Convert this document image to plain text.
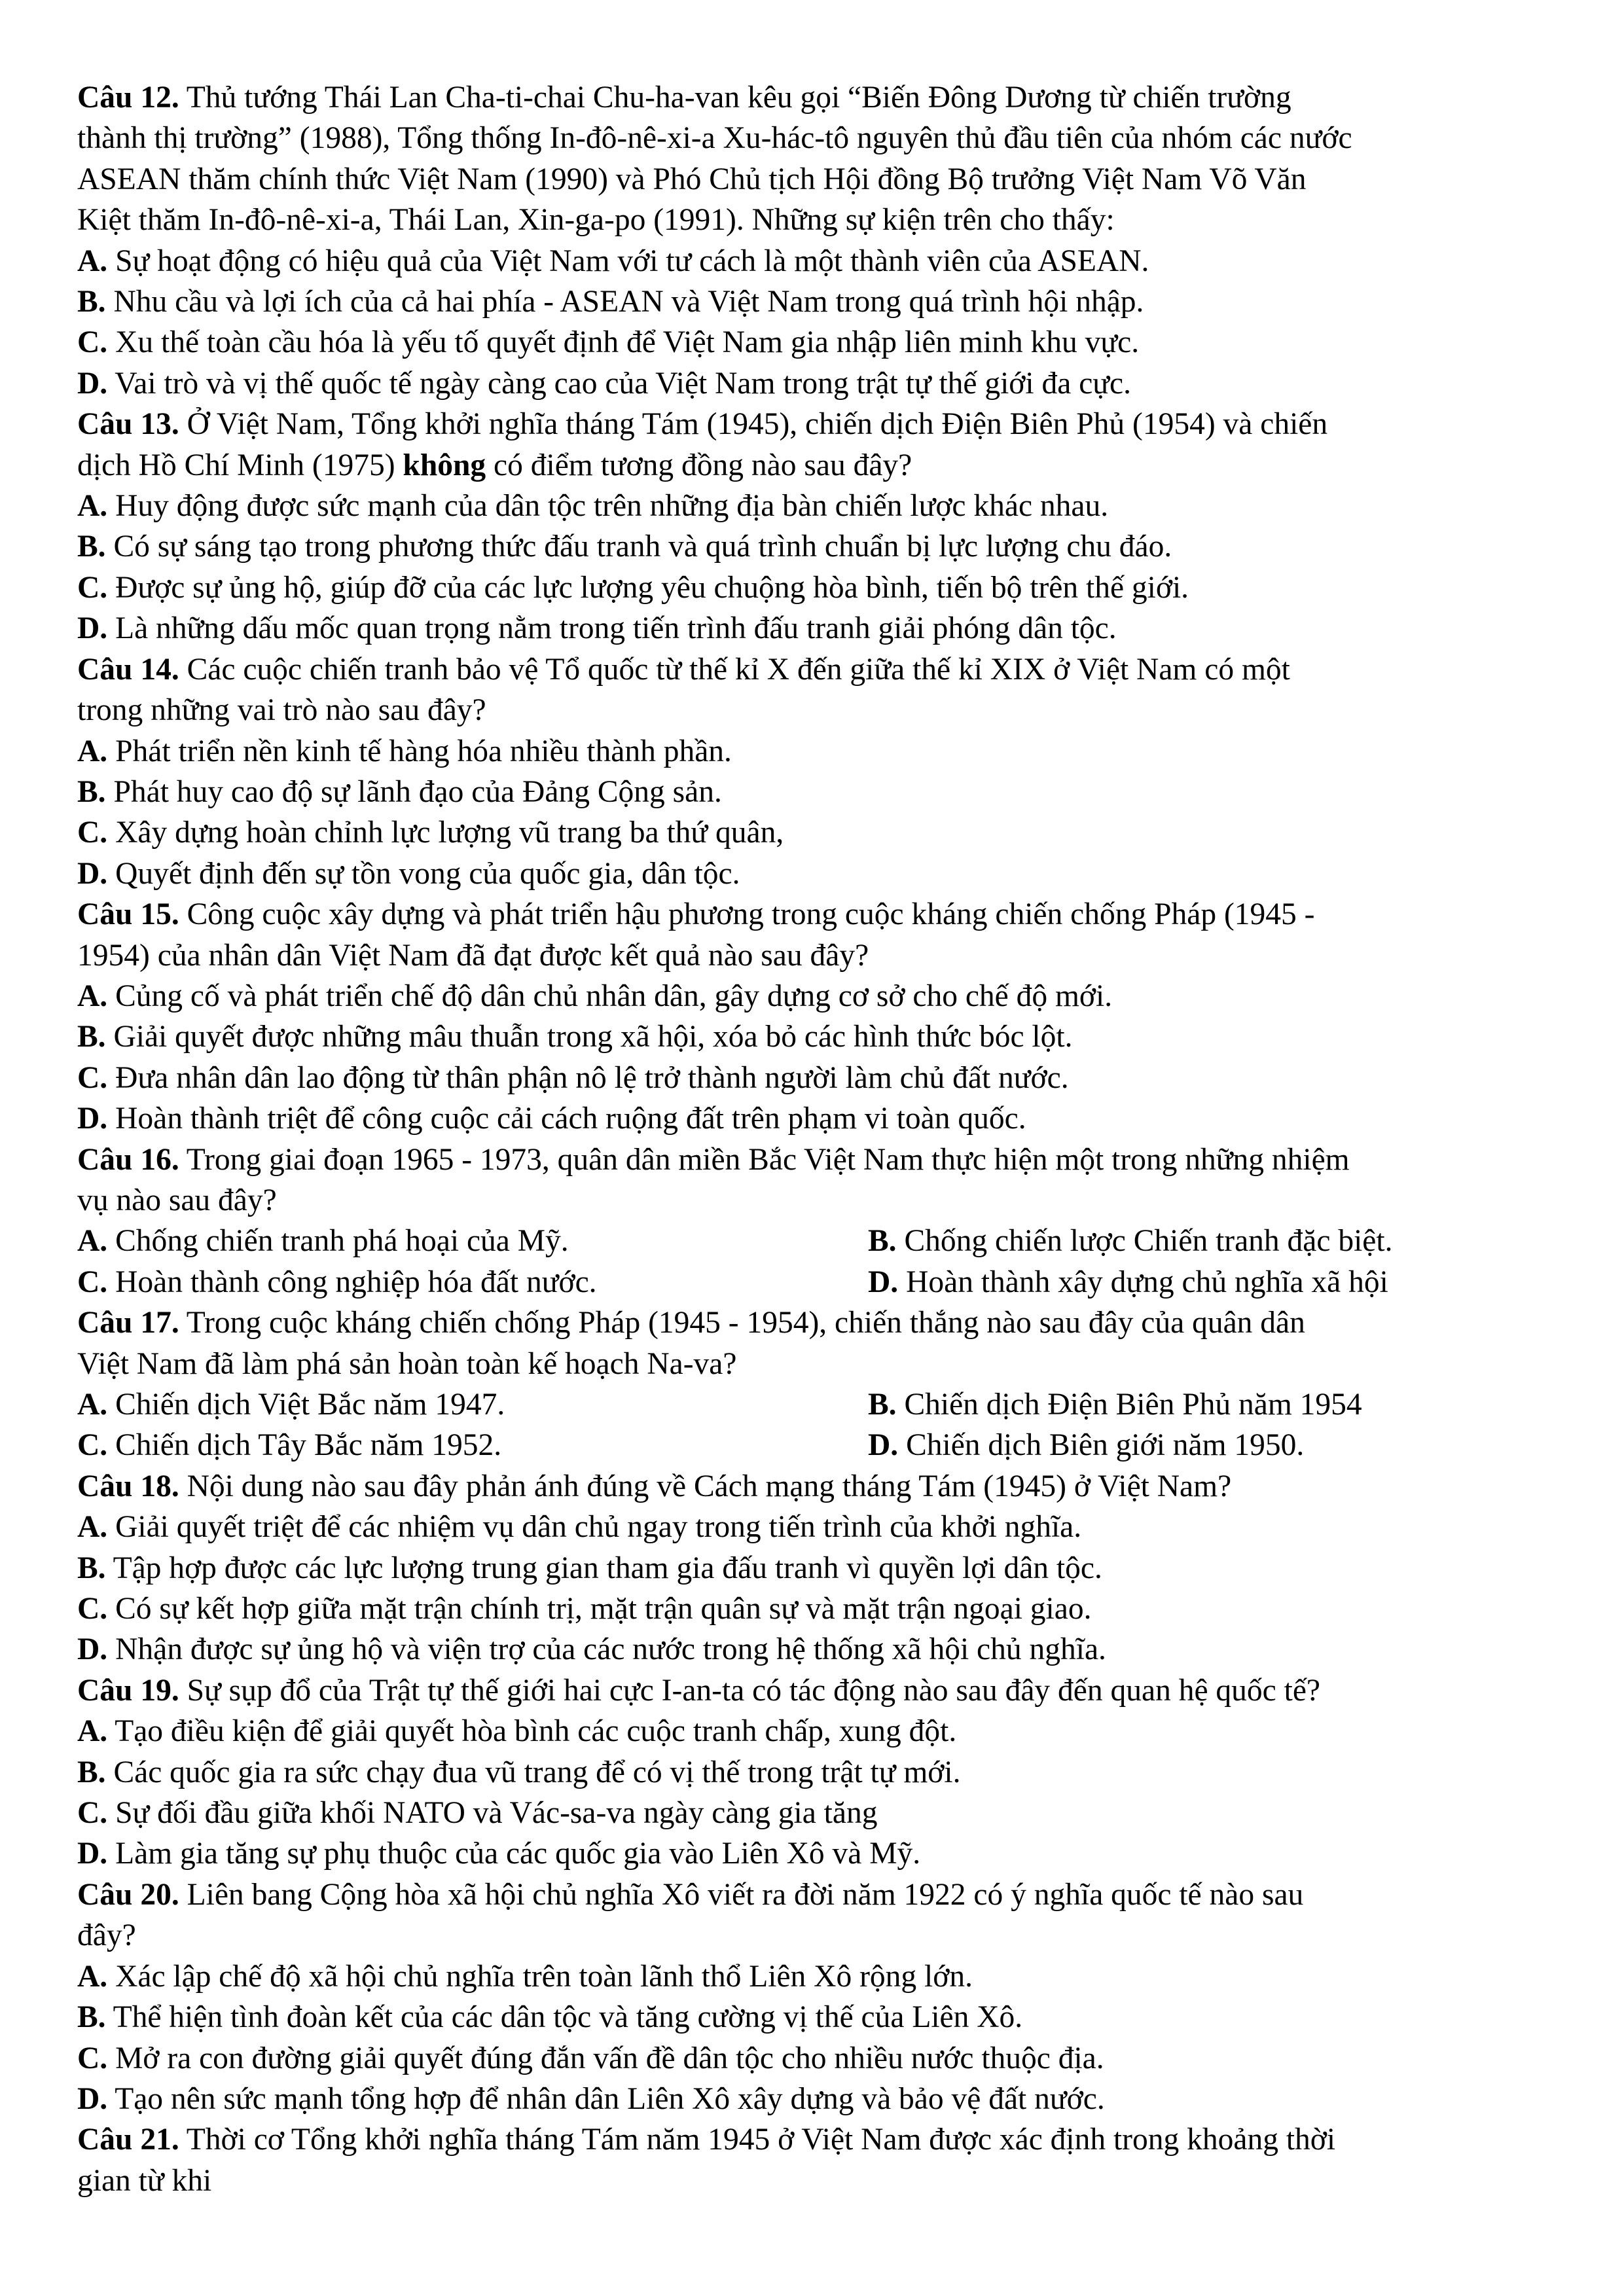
Câu 12. Thủ tướng Thái Lan Cha-ti-chai Chu-ha-van kêu gọi “Biến Đông Dương từ chiến trường

thành thị trường” (1988), Tổng thống In-đô-nê-xi-a Xu-hác-tô nguyên thủ đầu tiên của nhóm các nước

ASEAN thăm chính thức Việt Nam (1990) và Phó Chủ tịch Hội đồng Bộ trưởng Việt Nam Võ Văn

Kiệt thăm In-đô-nê-xi-a, Thái Lan, Xin-ga-po (1991). Những sự kiện trên cho thấy:

A. Sự hoạt động có hiệu quả của Việt Nam với tư cách là một thành viên của ASEAN.

B. Nhu cầu và lợi ích của cả hai phía - ASEAN và Việt Nam trong quá trình hội nhập.

C. Xu thế toàn cầu hóa là yếu tố quyết định để Việt Nam gia nhập liên minh khu vực.

D. Vai trò và vị thế quốc tế ngày càng cao của Việt Nam trong trật tự thế giới đa cực.

Câu 13. Ở Việt Nam, Tổng khởi nghĩa tháng Tám (1945), chiến dịch Điện Biên Phủ (1954) và chiến

dịch Hồ Chí Minh (1975) không có điểm tương đồng nào sau đây?

A. Huy động được sức mạnh của dân tộc trên những địa bàn chiến lược khác nhau.

B. Có sự sáng tạo trong phương thức đấu tranh và quá trình chuẩn bị lực lượng chu đáo.

C. Được sự ủng hộ, giúp đỡ của các lực lượng yêu chuộng hòa bình, tiến bộ trên thế giới.

D. Là những dấu mốc quan trọng nằm trong tiến trình đấu tranh giải phóng dân tộc.

Câu 14. Các cuộc chiến tranh bảo vệ Tổ quốc từ thế kỉ X đến giữa thế kỉ XIX ở Việt Nam có một

trong những vai trò nào sau đây?

A. Phát triển nền kinh tế hàng hóa nhiều thành phần.

B. Phát huy cao độ sự lãnh đạo của Đảng Cộng sản.

C. Xây dựng hoàn chỉnh lực lượng vũ trang ba thứ quân,

D. Quyết định đến sự tồn vong của quốc gia, dân tộc.

Câu 15. Công cuộc xây dựng và phát triển hậu phương trong cuộc kháng chiến chống Pháp (1945 -

1954) của nhân dân Việt Nam đã đạt được kết quả nào sau đây?

A. Củng cố và phát triển chế độ dân chủ nhân dân, gây dựng cơ sở cho chế độ mới.

B. Giải quyết được những mâu thuẫn trong xã hội, xóa bỏ các hình thức bóc lột.

C. Đưa nhân dân lao động từ thân phận nô lệ trở thành người làm chủ đất nước.

D. Hoàn thành triệt để công cuộc cải cách ruộng đất trên phạm vi toàn quốc.

Câu 16. Trong giai đoạn 1965 - 1973, quân dân miền Bắc Việt Nam thực hiện một trong những nhiệm

vụ nào sau đây?

A. Chống chiến tranh phá hoại của Mỹ.	B. Chống chiến lược Chiến tranh đặc biệt.
C. Hoàn thành công nghiệp hóa đất nước.	D. Hoàn thành xây dựng chủ nghĩa xã hội

Câu 17. Trong cuộc kháng chiến chống Pháp (1945 - 1954), chiến thắng nào sau đây của quân dân

Việt Nam đã làm phá sản hoàn toàn kế hoạch Na-va?

A. Chiến dịch Việt Bắc năm 1947.	B. Chiến dịch Điện Biên Phủ năm 1954
C. Chiến dịch Tây Bắc năm 1952.	D. Chiến dịch Biên giới năm 1950.

Câu 18. Nội dung nào sau đây phản ánh đúng về Cách mạng tháng Tám (1945) ở Việt Nam?

A. Giải quyết triệt để các nhiệm vụ dân chủ ngay trong tiến trình của khởi nghĩa.

B. Tập hợp được các lực lượng trung gian tham gia đấu tranh vì quyền lợi dân tộc.

C. Có sự kết hợp giữa mặt trận chính trị, mặt trận quân sự và mặt trận ngoại giao.

D. Nhận được sự ủng hộ và viện trợ của các nước trong hệ thống xã hội chủ nghĩa.

Câu 19. Sự sụp đổ của Trật tự thế giới hai cực I-an-ta có tác động nào sau đây đến quan hệ quốc tế?

A. Tạo điều kiện để giải quyết hòa bình các cuộc tranh chấp, xung đột.

B. Các quốc gia ra sức chạy đua vũ trang để có vị thế trong trật tự mới.

C. Sự đối đầu giữa khối NATO và Vác-sa-va ngày càng gia tăng

D. Làm gia tăng sự phụ thuộc của các quốc gia vào Liên Xô và Mỹ.

Câu 20. Liên bang Cộng hòa xã hội chủ nghĩa Xô viết ra đời năm 1922 có ý nghĩa quốc tế nào sau

đây?

A. Xác lập chế độ xã hội chủ nghĩa trên toàn lãnh thổ Liên Xô rộng lớn.

B. Thể hiện tình đoàn kết của các dân tộc và tăng cường vị thế của Liên Xô.

C. Mở ra con đường giải quyết đúng đắn vấn đề dân tộc cho nhiều nước thuộc địa.

D. Tạo nên sức mạnh tổng hợp để nhân dân Liên Xô xây dựng và bảo vệ đất nước.

Câu 21. Thời cơ Tổng khởi nghĩa tháng Tám năm 1945 ở Việt Nam được xác định trong khoảng thời

gian từ khi
